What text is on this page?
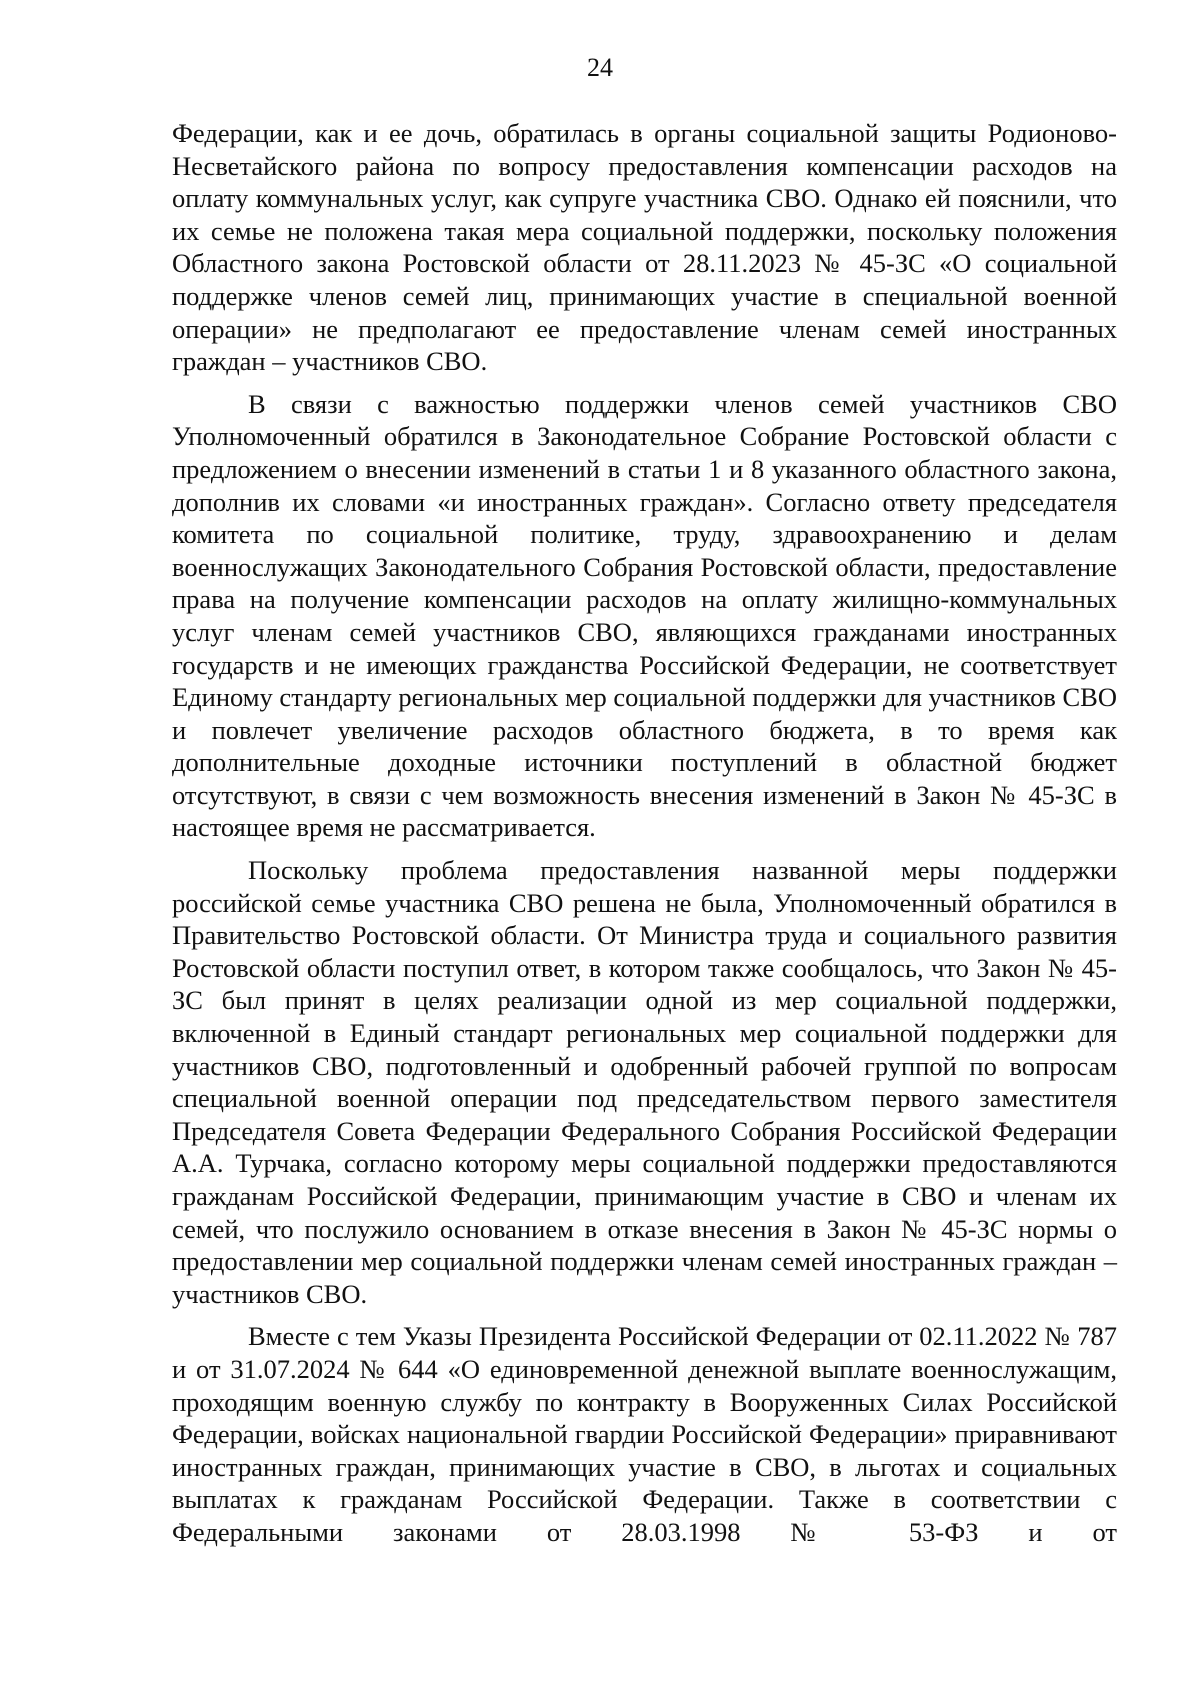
24

Федерации, как и ее дочь, обратилась в органы социальной защиты Родионово-Несветайского района по вопросу предоставления компенсации расходов на оплату коммунальных услуг, как супруге участника СВО. Однако ей пояснили, что их семье не положена такая мера социальной поддержки, поскольку положения Областного закона Ростовской области от 28.11.2023 № 45-ЗС «О социальной поддержке членов семей лиц, принимающих участие в специальной военной операции» не предполагают ее предоставление членам семей иностранных граждан – участников СВО.

В связи с важностью поддержки членов семей участников СВО Уполномоченный обратился в Законодательное Собрание Ростовской области с предложением о внесении изменений в статьи 1 и 8 указанного областного закона, дополнив их словами «и иностранных граждан». Согласно ответу председателя комитета по социальной политике, труду, здравоохранению и делам военнослужащих Законодательного Собрания Ростовской области, предоставление права на получение компенсации расходов на оплату жилищно-коммунальных услуг членам семей участников СВО, являющихся гражданами иностранных государств и не имеющих гражданства Российской Федерации, не соответствует Единому стандарту региональных мер социальной поддержки для участников СВО и повлечет увеличение расходов областного бюджета, в то время как дополнительные доходные источники поступлений в областной бюджет отсутствуют, в связи с чем возможность внесения изменений в Закон № 45-ЗС в настоящее время не рассматривается.

Поскольку проблема предоставления названной меры поддержки российской семье участника СВО решена не была, Уполномоченный обратился в Правительство Ростовской области. От Министра труда и социального развития Ростовской области поступил ответ, в котором также сообщалось, что Закон № 45-ЗС был принят в целях реализации одной из мер социальной поддержки, включенной в Единый стандарт региональных мер социальной поддержки для участников СВО, подготовленный и одобренный рабочей группой по вопросам специальной военной операции под председательством первого заместителя Председателя Совета Федерации Федерального Собрания Российской Федерации А.А. Турчака, согласно которому меры социальной поддержки предоставляются гражданам Российской Федерации, принимающим участие в СВО и членам их семей, что послужило основанием в отказе внесения в Закон № 45-ЗС нормы о предоставлении мер социальной поддержки членам семей иностранных граждан – участников СВО.

Вместе с тем Указы Президента Российской Федерации от 02.11.2022 № 787 и от 31.07.2024 № 644 «О единовременной денежной выплате военнослужащим, проходящим военную службу по контракту в Вооруженных Силах Российской Федерации, войсках национальной гвардии Российской Федерации» приравнивают иностранных граждан, принимающих участие в СВО, в льготах и социальных выплатах к гражданам Российской Федерации. Также в соответствии с Федеральными законами от 28.03.1998 № 53-ФЗ и от
